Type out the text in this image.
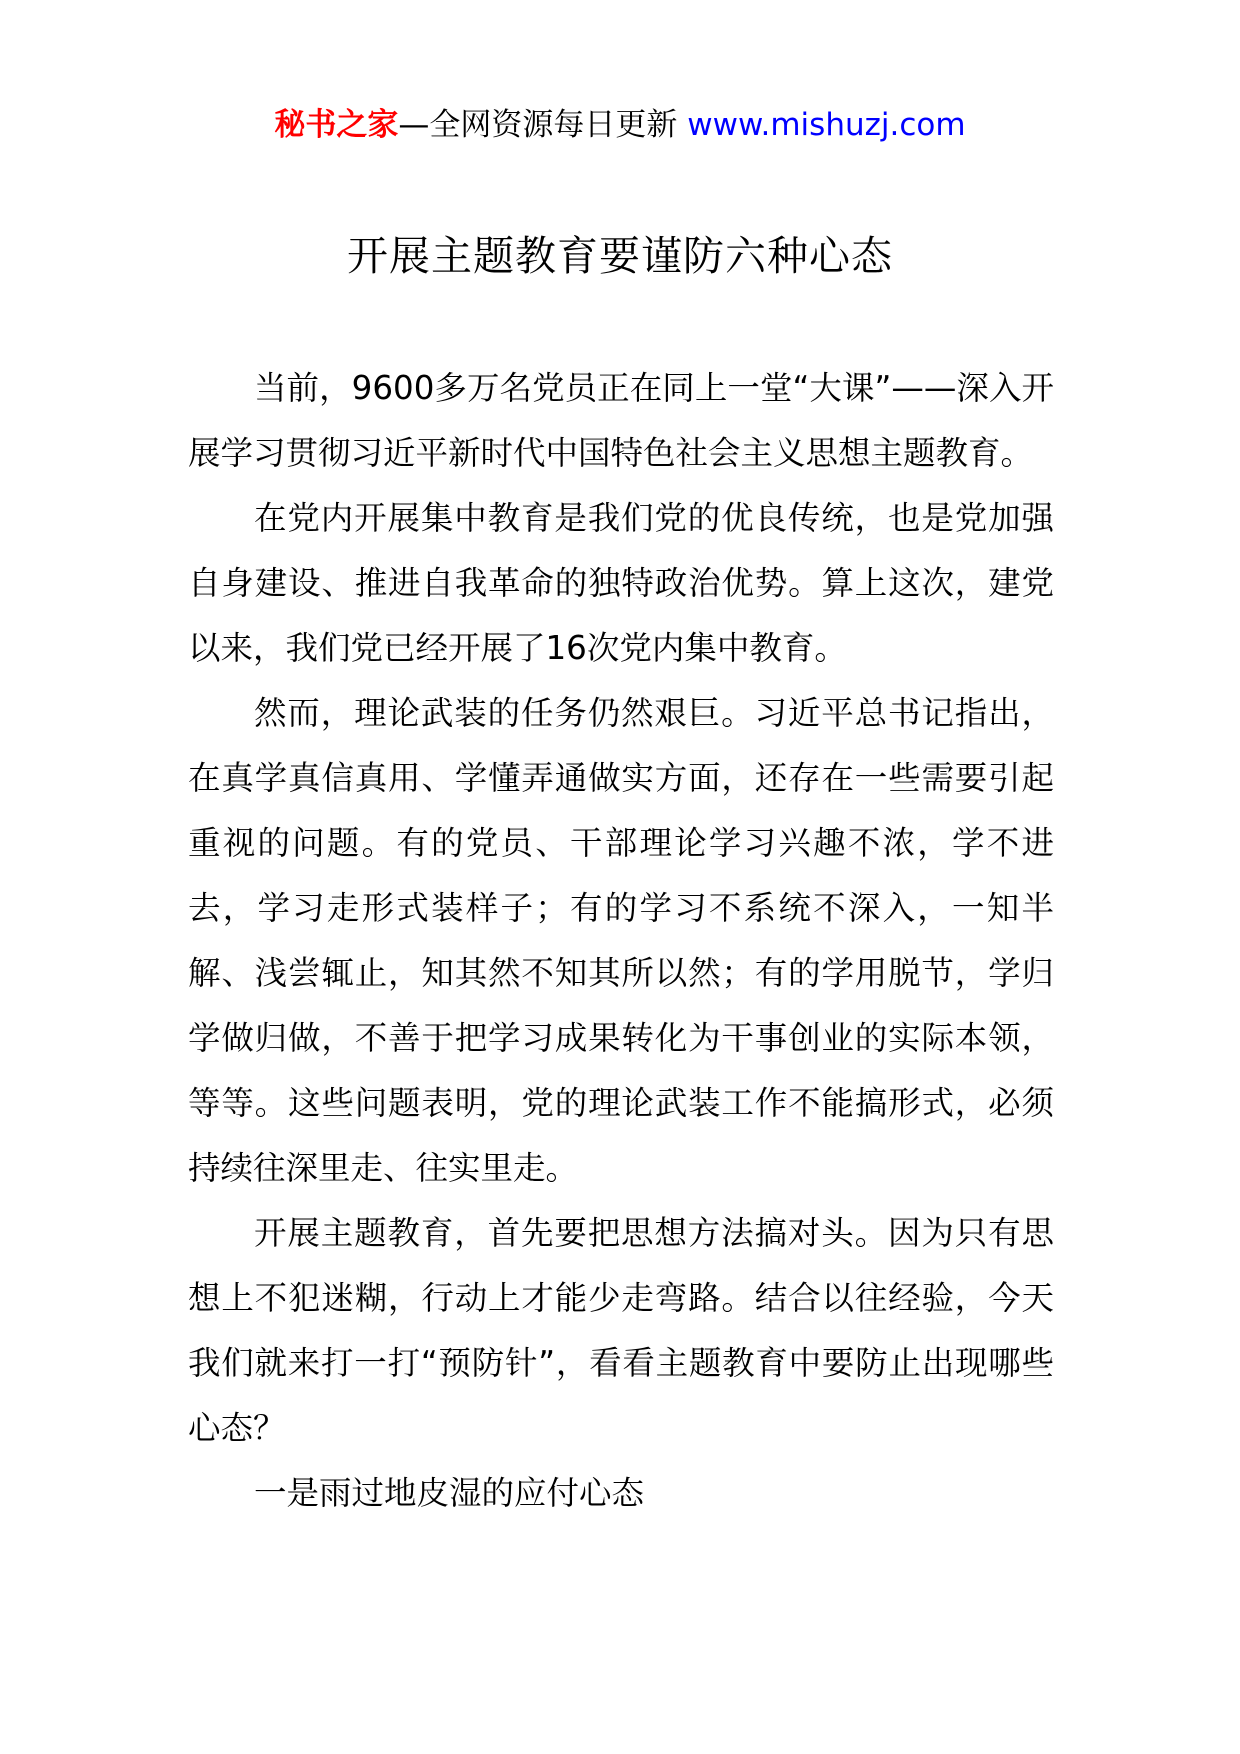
秘书之家—全网资源每日更新 www.mishuzj.com
开展主题教育要谨防六种心态

当前，9600多万名党员正在同上一堂“大课”——深入开展学习贯彻习近平新时代中国特色社会主义思想主题教育。

在党内开展集中教育是我们党的优良传统，也是党加强自身建设、推进自我革命的独特政治优势。算上这次，建党以来，我们党已经开展了16次党内集中教育。

然而，理论武装的任务仍然艰巨。习近平总书记指出，在真学真信真用、学懂弄通做实方面，还存在一些需要引起重视的问题。有的党员、干部理论学习兴趣不浓，学不进去，学习走形式装样子；有的学习不系统不深入，一知半解、浅尝辄止，知其然不知其所以然；有的学用脱节，学归学做归做，不善于把学习成果转化为干事创业的实际本领，等等。这些问题表明，党的理论武装工作不能搞形式，必须持续往深里走、往实里走。

开展主题教育，首先要把思想方法搞对头。因为只有思想上不犯迷糊，行动上才能少走弯路。结合以往经验，今天我们就来打一打“预防针”，看看主题教育中要防止出现哪些心态？

一是雨过地皮湿的应付心态
